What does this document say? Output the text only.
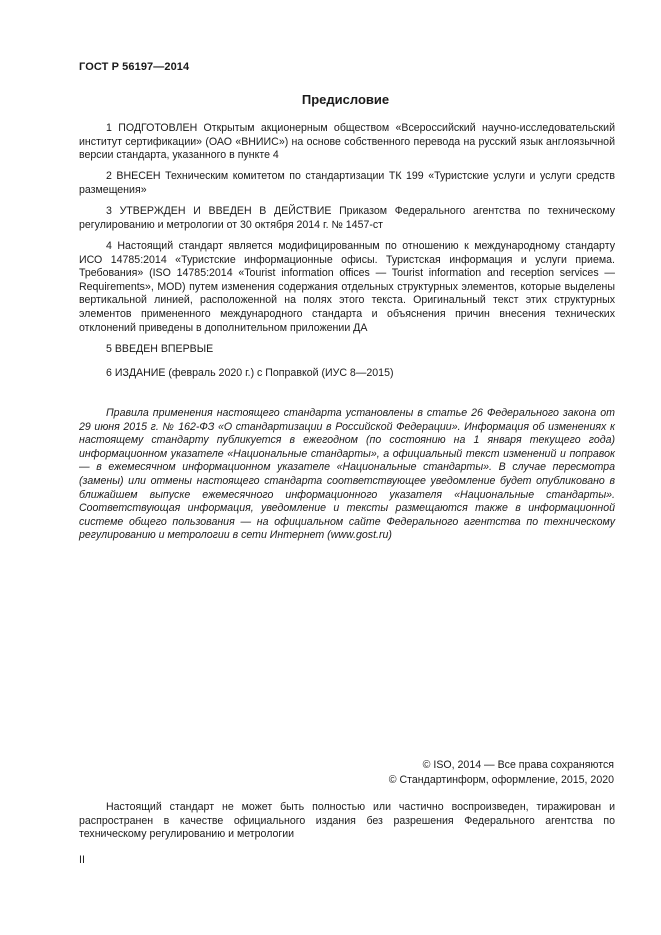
ГОСТ Р 56197—2014
Предисловие

1 ПОДГОТОВЛЕН Открытым акционерным обществом «Всероссийский научно-исследовательский институт сертификации» (ОАО «ВНИИС») на основе собственного перевода на русский язык англоязычной версии стандарта, указанного в пункте 4

2 ВНЕСЕН Техническим комитетом по стандартизации ТК 199 «Туристские услуги и услуги средств размещения»

3 УТВЕРЖДЕН И ВВЕДЕН В ДЕЙСТВИЕ Приказом Федерального агентства по техническому регулированию и метрологии от 30 октября 2014 г. № 1457-ст

4 Настоящий стандарт является модифицированным по отношению к международному стандарту ИСО 14785:2014 «Туристские информационные офисы. Туристская информация и услуги приема. Требования» (ISO 14785:2014 «Tourist information offices — Tourist information and reception services — Requirements», MOD) путем изменения содержания отдельных структурных элементов, которые выделены вертикальной линией, расположенной на полях этого текста. Оригинальный текст этих структурных элементов примененного международного стандарта и объяснения причин внесения технических отклонений приведены в дополнительном приложении ДА

5 ВВЕДЕН ВПЕРВЫЕ

6 ИЗДАНИЕ (февраль 2020 г.) с Поправкой (ИУС 8—2015)

Правила применения настоящего стандарта установлены в статье 26 Федерального закона от 29 июня 2015 г. № 162-ФЗ «О стандартизации в Российской Федерации». Информация об изменениях к настоящему стандарту публикуется в ежегодном (по состоянию на 1 января текущего года) информационном указателе «Национальные стандарты», а официальный текст изменений и поправок — в ежемесячном информационном указателе «Национальные стандарты». В случае пересмотра (замены) или отмены настоящего стандарта соответствующее уведомление будет опубликовано в ближайшем выпуске ежемесячного информационного указателя «Национальные стандарты». Соответствующая информация, уведомление и тексты размещаются также в информационной системе общего пользования — на официальном сайте Федерального агентства по техническому регулированию и метрологии в сети Интернет (www.gost.ru)

© ISO, 2014 — Все права сохраняются
© Стандартинформ, оформление, 2015, 2020

Настоящий стандарт не может быть полностью или частично воспроизведен, тиражирован и распространен в качестве официального издания без разрешения Федерального агентства по техническому регулированию и метрологии

II
